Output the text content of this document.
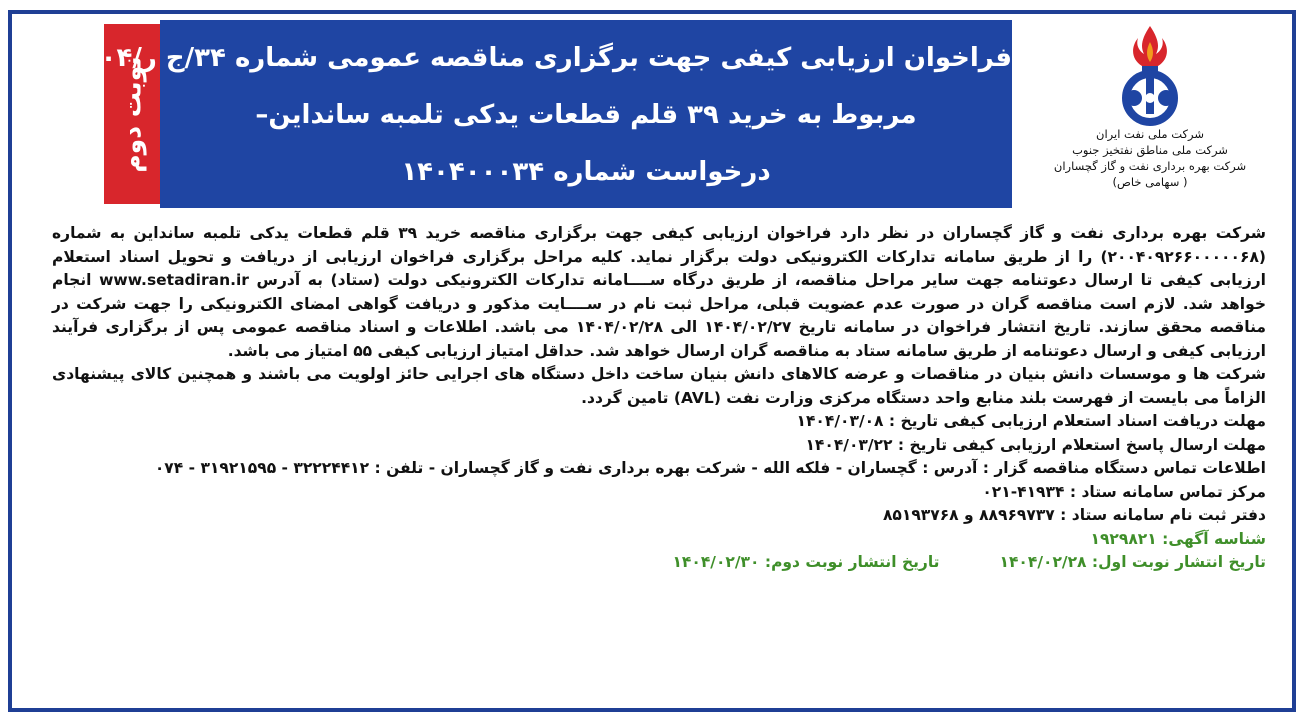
نوبت دوم
فراخوان ارزیابی کیفی جهت برگزاری مناقصه عمومی شماره ۳۴/ج ر/۱۴۰۴
مربوط به خرید ۳۹ قلم قطعات یدکی تلمبه سانداین–
درخواست شماره ۱۴۰۴۰۰۰۳۴
شرکت ملی نفت ایران
شرکت ملی مناطق نفتخیز جنوب
شرکت بهره برداری نفت و گاز گچساران
( سهامی خاص)

شرکت بهره برداری نفت و گاز گچساران در نظر دارد فراخوان ارزیابی کیفی جهت برگزاری مناقصه خرید ۳۹ قلم قطعات یدکی تلمبه سانداین به شماره (۲۰۰۴۰۹۲۶۶۰۰۰۰۰۶۸) را از طریق سامانه تدارکات الکترونیکی دولت برگزار نماید. کلیه مراحل برگزاری فراخوان ارزیابی از دریافت و تحویل اسناد استعلام ارزیابی کیفی تا ارسال دعوتنامه جهت سایر مراحل مناقصه، از طریق درگاه ســــامانه تدارکات الکترونیکی دولت (ستاد) به آدرس www.setadiran.ir انجام خواهد شد. لازم است مناقصه گران در صورت عدم عضویت قبلی، مراحل ثبت نام در ســــایت مذکور و دریافت گواهی امضای الکترونیکی را جهت شرکت در مناقصه محقق سازند. تاریخ انتشار فراخوان در سامانه تاریخ ۱۴۰۴/۰۲/۲۷ الی ۱۴۰۴/۰۲/۲۸ می باشد. اطلاعات و اسناد مناقصه عمومی پس از برگزاری فرآیند ارزیابی کیفی و ارسال دعوتنامه از طریق سامانه ستاد به مناقصه گران ارسال خواهد شد. حداقل امتیاز ارزیابی کیفی ۵۵ امتیاز می باشد.

شرکت ها و موسسات دانش بنیان در مناقصات و عرضه کالاهای دانش بنیان ساخت داخل دستگاه های اجرایی حائز اولویت می باشند و همچنین کالای پیشنهادی الزاماً می بایست از فهرست بلند منابع واحد دستگاه مرکزی وزارت نفت (AVL) تامین گردد.

مهلت دریافت اسناد استعلام ارزیابی کیفی تاریخ : ۱۴۰۴/۰۳/۰۸
مهلت ارسال پاسخ استعلام ارزیابی کیفی تاریخ : ۱۴۰۴/۰۳/۲۲
اطلاعات تماس دستگاه مناقصه گزار : آدرس : گچساران - فلکه الله - شرکت بهره برداری نفت و گاز گچساران - تلفن : ۳۲۲۲۴۴۱۲ - ۳۱۹۲۱۵۹۵ - ۰۷۴
مرکز تماس سامانه ستاد : ۴۱۹۳۴-۰۲۱
دفتر ثبت نام سامانه ستاد : ۸۸۹۶۹۷۳۷ و ۸۵۱۹۳۷۶۸
شناسه آگهی: ۱۹۲۹۸۲۱
تاریخ انتشار نوبت اول: ۱۴۰۴/۰۲/۲۸
تاریخ انتشار نوبت دوم: ۱۴۰۴/۰۲/۳۰
